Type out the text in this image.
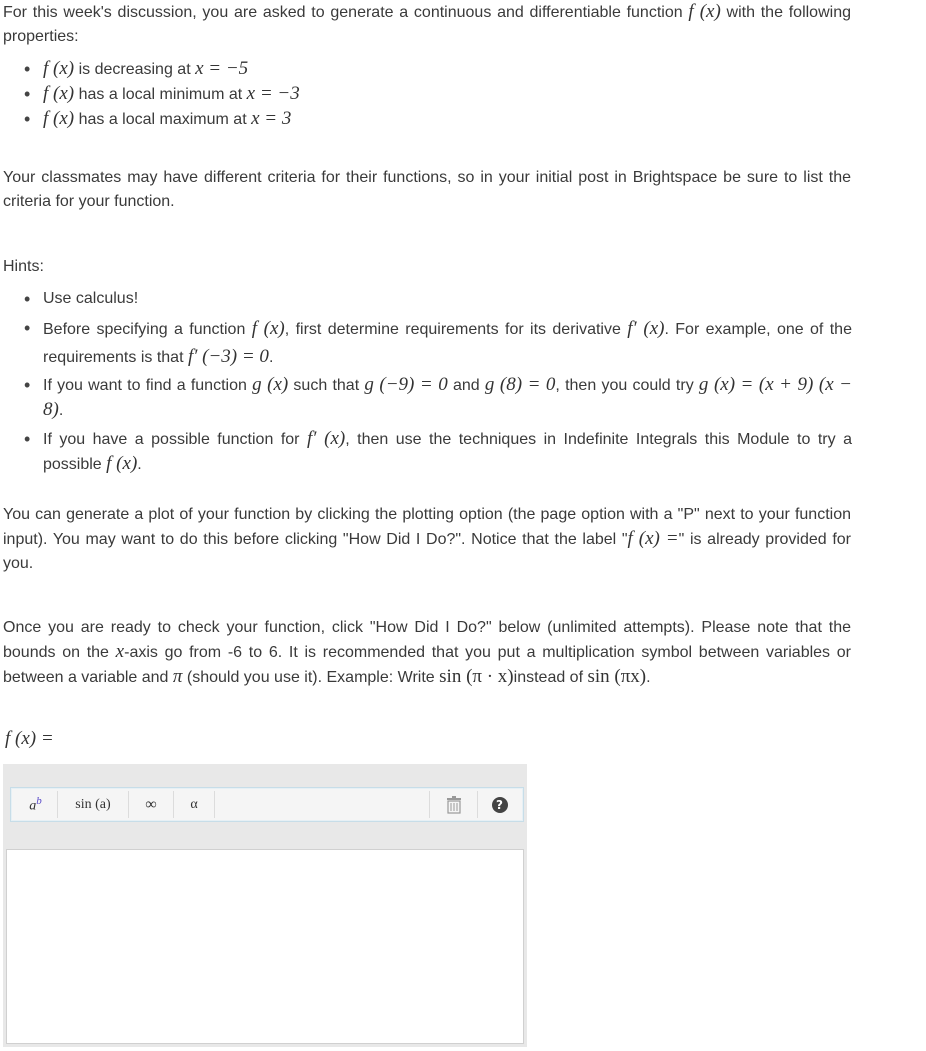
For this week's discussion, you are asked to generate a continuous and differentiable function f (x) with the following properties:
• f (x) is decreasing at x = −5
• f (x) has a local minimum at x = −3
• f (x) has a local maximum at x = 3
Your classmates may have different criteria for their functions, so in your initial post in Brightspace be sure to list the criteria for your function.
Hints:
• Use calculus!
• Before specifying a function f (x), first determine requirements for its derivative f′ (x). For example, one of the requirements is that f′ (−3) = 0.
• If you want to find a function g (x) such that g (−9) = 0 and g (8) = 0, then you could try g (x) = (x + 9) (x − 8).
• If you have a possible function for f′ (x), then use the techniques in Indefinite Integrals this Module to try a possible f (x).
You can generate a plot of your function by clicking the plotting option (the page option with a "P" next to your function input). You may want to do this before clicking "How Did I Do?". Notice that the label "f (x) =" is already provided for you.
Once you are ready to check your function, click "How Did I Do?" below (unlimited attempts). Please note that the bounds on the x-axis go from -6 to 6. It is recommended that you put a multiplication symbol between variables or between a variable and π (should you use it). Example: Write sin (π · x)instead of sin (πx).
f (x) =
$a^b$ sin (a) ∞ α	?
